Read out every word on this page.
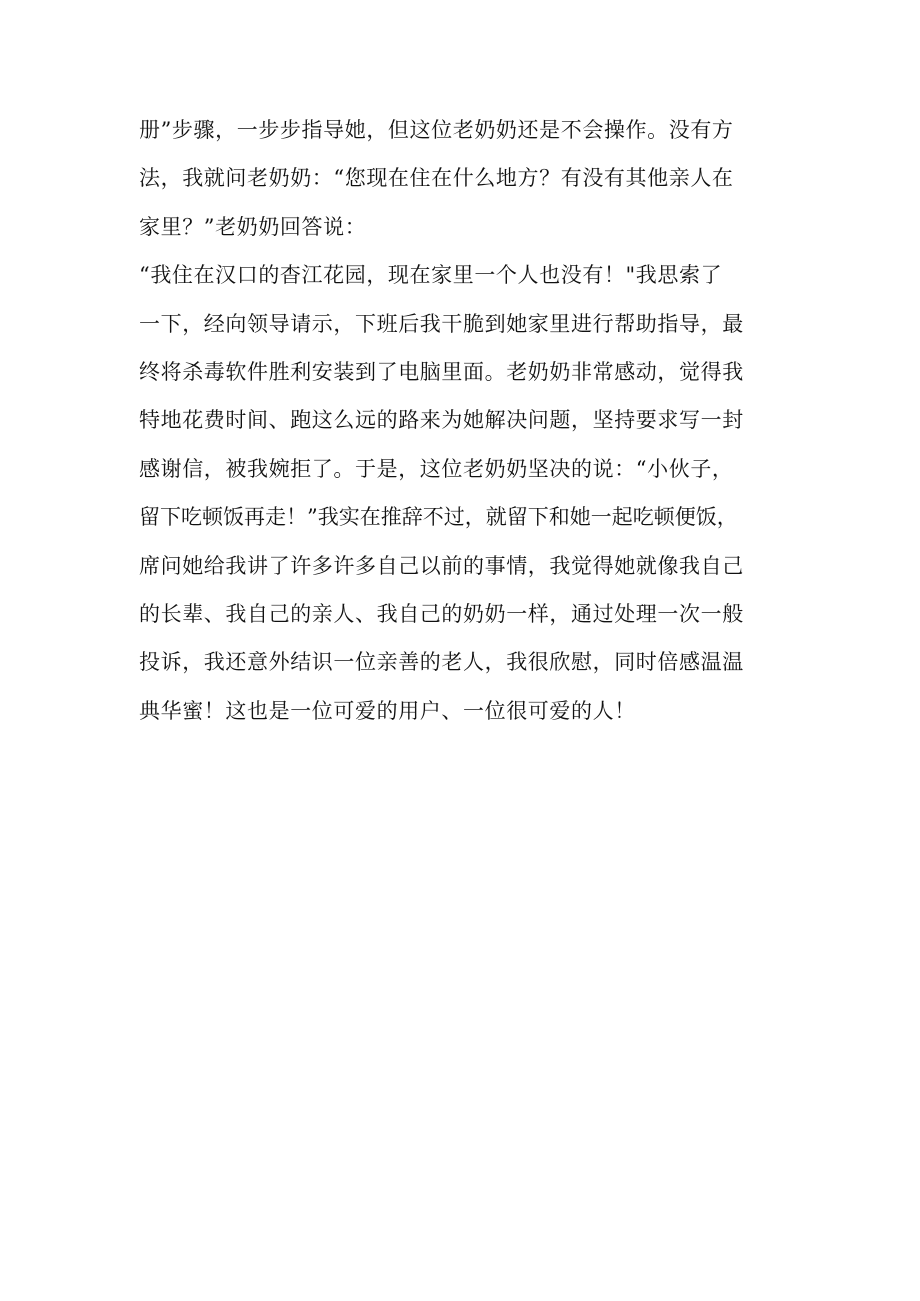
册”步骤，一步步指导她，但这位老奶奶还是不会操作。没有方
法，我就问老奶奶：“您现在住在什么地方？有没有其他亲人在
家里？”老奶奶回答说：
“我住在汉口的杳江花园，现在家里一个人也没有！"我思索了
一下，经向领导请示，下班后我干脆到她家里进行帮助指导，最
终将杀毒软件胜利安装到了电脑里面。老奶奶非常感动，觉得我
特地花费时间、跑这么远的路来为她解决问题，坚持要求写一封
感谢信，被我婉拒了。于是，这位老奶奶坚决的说：“小伙子，
留下吃顿饭再走！”我实在推辞不过，就留下和她一起吃顿便饭，
席问她给我讲了许多许多自己以前的事情，我觉得她就像我自己
的长辈、我自己的亲人、我自己的奶奶一样，通过处理一次一般
投诉，我还意外结识一位亲善的老人，我很欣慰，同时倍感温温
典华蜜！这也是一位可爱的用户、一位很可爱的人！
